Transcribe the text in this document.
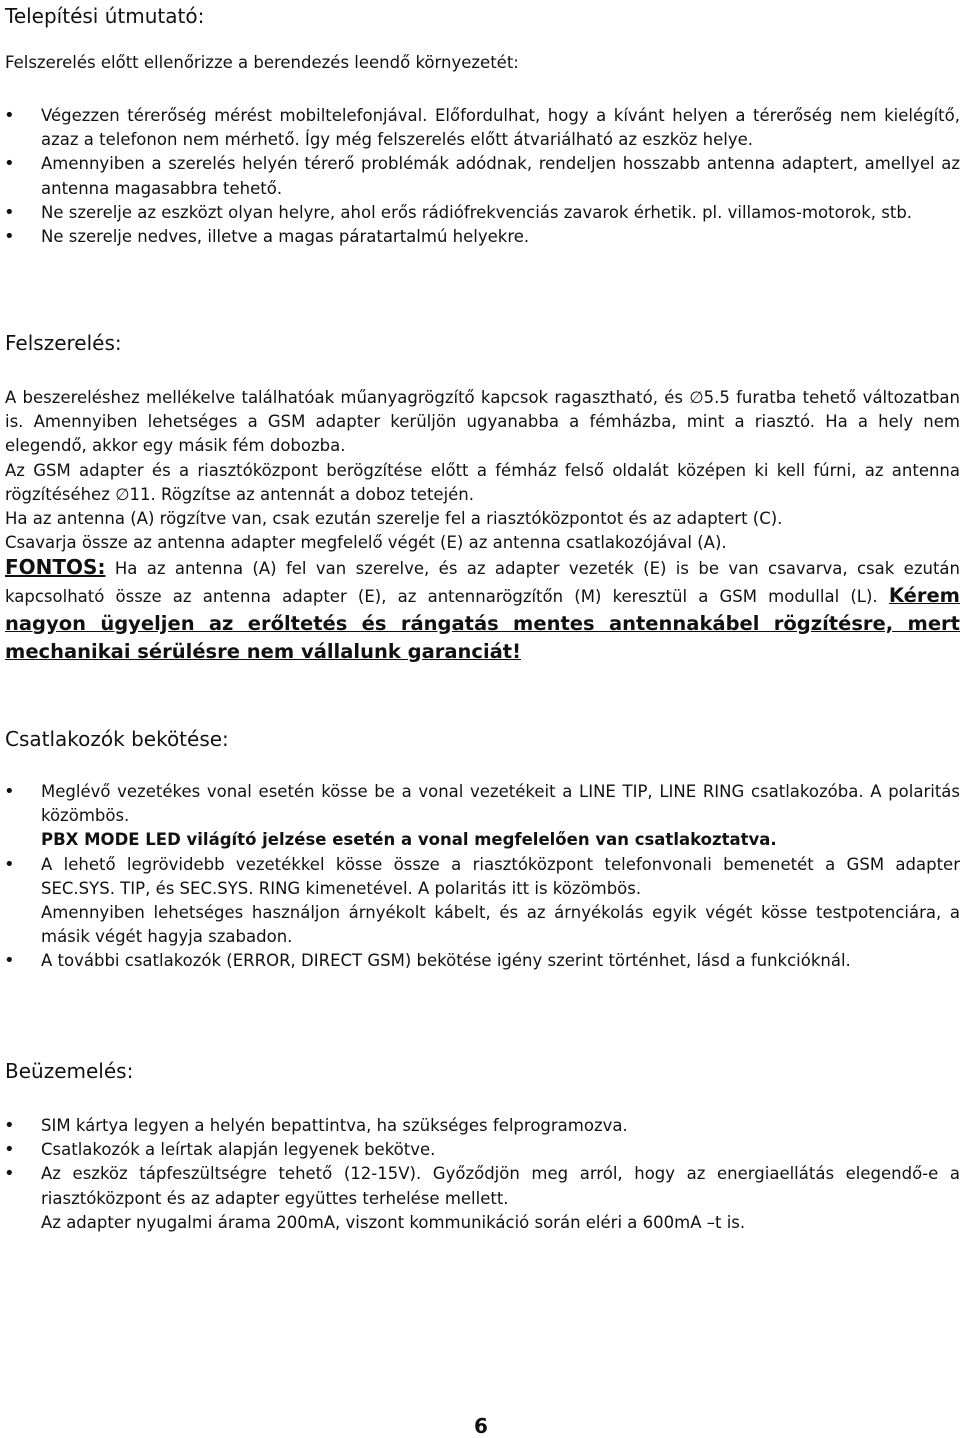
Telepítési útmutató:

Felszerelés előtt ellenőrizze a berendezés leendő környezetét:

• Végezzen térerőség mérést mobiltelefonjával. Előfordulhat, hogy a kívánt helyen a térerőség nem kielégítő, azaz a telefonon nem mérhető. Így még felszerelés előtt átvariálható az eszköz helye.
• Amennyiben a szerelés helyén térerő problémák adódnak, rendeljen hosszabb antenna adaptert, amellyel az antenna magasabbra tehető.
• Ne szerelje az eszközt olyan helyre, ahol erős rádiófrekvenciás zavarok érhetik. pl. villamos-motorok, stb.
• Ne szerelje nedves, illetve a magas páratartalmú helyekre.
Felszerelés:
A beszereléshez mellékelve találhatóak műanyagrögzítő kapcsok ragasztható, és ∅5.5 furatba tehető változatban is. Amennyiben lehetséges a GSM adapter kerüljön ugyanabba a fémházba, mint a riasztó. Ha a hely nem elegendő, akkor egy másik fém dobozba.
Az GSM adapter és a riasztóközpont berögzítése előtt a fémház felső oldalát középen ki kell fúrni, az antenna rögzítéséhez ∅11. Rögzítse az antennát a doboz tetején.
Ha az antenna (A) rögzítve van, csak ezután szerelje fel a riasztóközpontot és az adaptert (C).
Csavarja össze az antenna adapter megfelelő végét (E) az antenna csatlakozójával (A).
FONTOS: Ha az antenna (A) fel van szerelve, és az adapter vezeték (E) is be van csavarva, csak ezután kapcsolható össze az antenna adapter (E), az antennarögzítőn (M) keresztül a GSM modullal (L). Kérem nagyon ügyeljen az erőltetés és rángatás mentes antennakábel rögzítésre, mert mechanikai sérülésre nem vállalunk garanciát!
Csatlakozók bekötése:
• Meglévő vezetékes vonal esetén kösse be a vonal vezetékeit a LINE TIP, LINE RING csatlakozóba. A polaritás közömbös.
PBX MODE LED világító jelzése esetén a vonal megfelelően van csatlakoztatva.
• A lehető legrövidebb vezetékkel kösse össze a riasztóközpont telefonvonali bemenetét a GSM adapter SEC.SYS. TIP, és SEC.SYS. RING kimenetével. A polaritás itt is közömbös.
Amennyiben lehetséges használjon árnyékolt kábelt, és az árnyékolás egyik végét kösse testpotenciára, a másik végét hagyja szabadon.
• A további csatlakozók (ERROR, DIRECT GSM) bekötése igény szerint történhet, lásd a funkcióknál.
Beüzemelés:
• SIM kártya legyen a helyén bepattintva, ha szükséges felprogramozva.
• Csatlakozók a leírtak alapján legyenek bekötve.
• Az eszköz tápfeszültségre tehető (12-15V). Győződjön meg arról, hogy az energiaellátás elegendő-e a riasztóközpont és az adapter együttes terhelése mellett.
Az adapter nyugalmi árama 200mA, viszont kommunikáció során eléri a 600mA –t is.
6
